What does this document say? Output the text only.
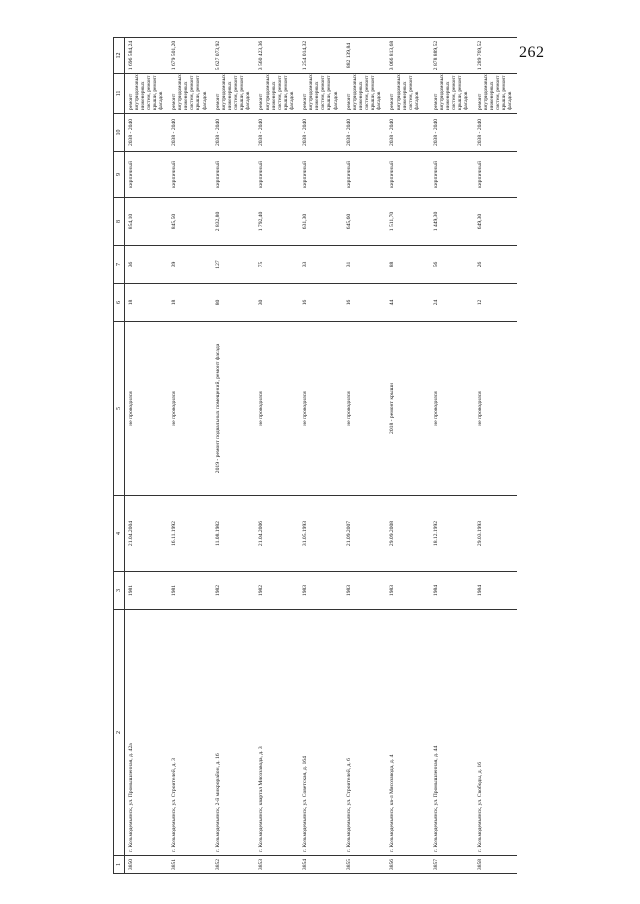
262
1	2	3	4	5	6	7	8	9	10	11	12
3850	г. Козьмодемьянск, ул. Промышленная, д. 42а	1981	21.04.2004	не проводился	18	36	854,10	кирпичный	2038 - 2040	ремонт внутридомовых инженерных систем, ремонт крыши, ремонт фасадов	1 696 584,24
3851	г. Козьмодемьянск, ул. Строителей, д. 3	1981	16.11.1992	не проводился	18	39	845,50	кирпичный	2038 - 2040	ремонт внутридомовых инженерных систем, ремонт крыши, ремонт фасадов	1 679 501,20
3852	г. Козьмодемьянск, 2-й микрорайон, д. 16	1982	11.08.1982	2019 - ремонт подвальных помещений, ремонт фасада	80	127	2 832,80	кирпичный	2038 - 2040	ремонт внутридомовых инженерных систем, ремонт крыши, ремонт фасадов	5 627 073,92
3853	г. Козьмодемьянск, квартал Мясозавода, д. 3	1982	21.04.2006	не проводился	30	75	1 792,40	кирпичный	2038 - 2040	ремонт внутридомовых инженерных систем, ремонт крыши, ремонт фасадов	3 560 423,36
3854	г. Козьмодемьянск, ул. Советская, д. 164	1983	31.05.1993	не проводился	16	33	631,30	кирпичный	2038 - 2040	ремонт внутридомовых инженерных систем, ремонт крыши, ремонт фасадов	1 254 014,32
3855	г. Козьмодемьянск, ул. Строителей, д. 6	1983	21.09.2007	не проводился	16	31	645,60	кирпичный	2038 - 2040	ремонт внутридомовых инженерных систем, ремонт крыши, ремонт фасадов	882 139,84
3856	г. Козьмодемьянск, кв-л Мясозавода, д. 4	1983	29.09.2008	2018 - ремонт крыши	44	88	1 511,70	кирпичный	2038 - 2040	ремонт внутридомовых инженерных систем, ремонт фасадов	3 066 813,68
3857	г. Козьмодемьянск, ул. Промышленная, д. 44	1984	18.12.1992	не проводился	24	56	1 449,30	кирпичный	2038 - 2040	ремонт внутридомовых инженерных систем, ремонт крыши, ремонт фасадов	2 878 889,52
3858	г. Козьмодемьянск, ул. Свободы, д. 16	1984	29.03.1993	не проводился	12	26	649,30	кирпичный	2038 - 2040	ремонт внутридомовых инженерных систем, ремонт крыши, ремонт фасадов	1 289 769,52
